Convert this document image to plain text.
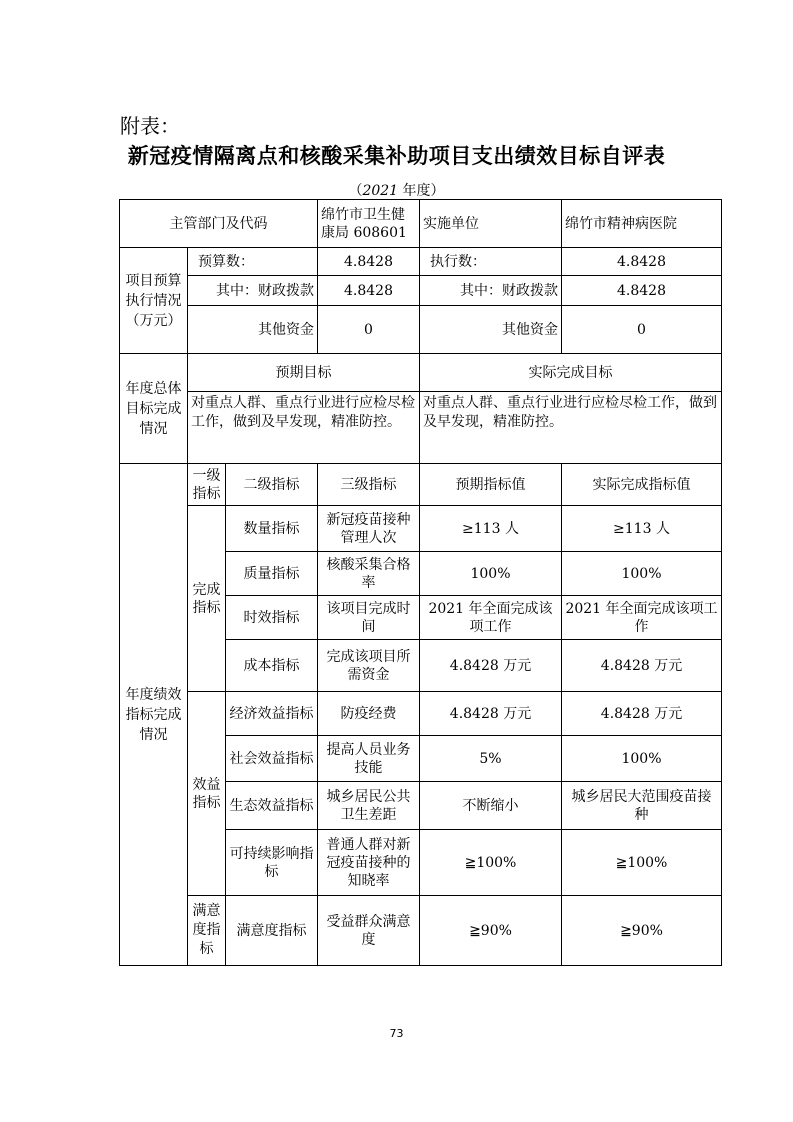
附表：
新冠疫情隔离点和核酸采集补助项目支出绩效目标自评表
（2021 年度）
主管部门及代码			绵竹市卫生健康局 608601	实施单位	绵竹市精神病医院
项目预算执行情况（万元）	预算数：		4.8428	执行数：	4.8428
	其中：财政拨款		4.8428	其中：财政拨款	4.8428
	其他资金		0	其他资金	0
年度总体目标完成情况	预期目标			实际完成目标	
	对重点人群、重点行业进行应检尽检工作，做到及早发现，精准防控。			对重点人群、重点行业进行应检尽检工作，做到及早发现，精准防控。	
年度绩效指标完成情况	一级指标	二级指标	三级指标	预期指标值	实际完成指标值
	完成指标	数量指标	新冠疫苗接种管理人次	≥113 人	≥113 人
		质量指标	核酸采集合格率	100%	100%
		时效指标	该项目完成时间	2021 年全面完成该项工作	2021 年全面完成该项工作
		成本指标	完成该项目所需资金	4.8428 万元	4.8428 万元
	效益指标	经济效益指标	防疫经费	4.8428 万元	4.8428 万元
		社会效益指标	提高人员业务技能	5%	100%
		生态效益指标	城乡居民公共卫生差距	不断缩小	城乡居民大范围疫苗接种
		可持续影响指标	普通人群对新冠疫苗接种的知晓率	≧100%	≧100%
	满意度指标	满意度指标	受益群众满意度	≧90%	≧90%
73
